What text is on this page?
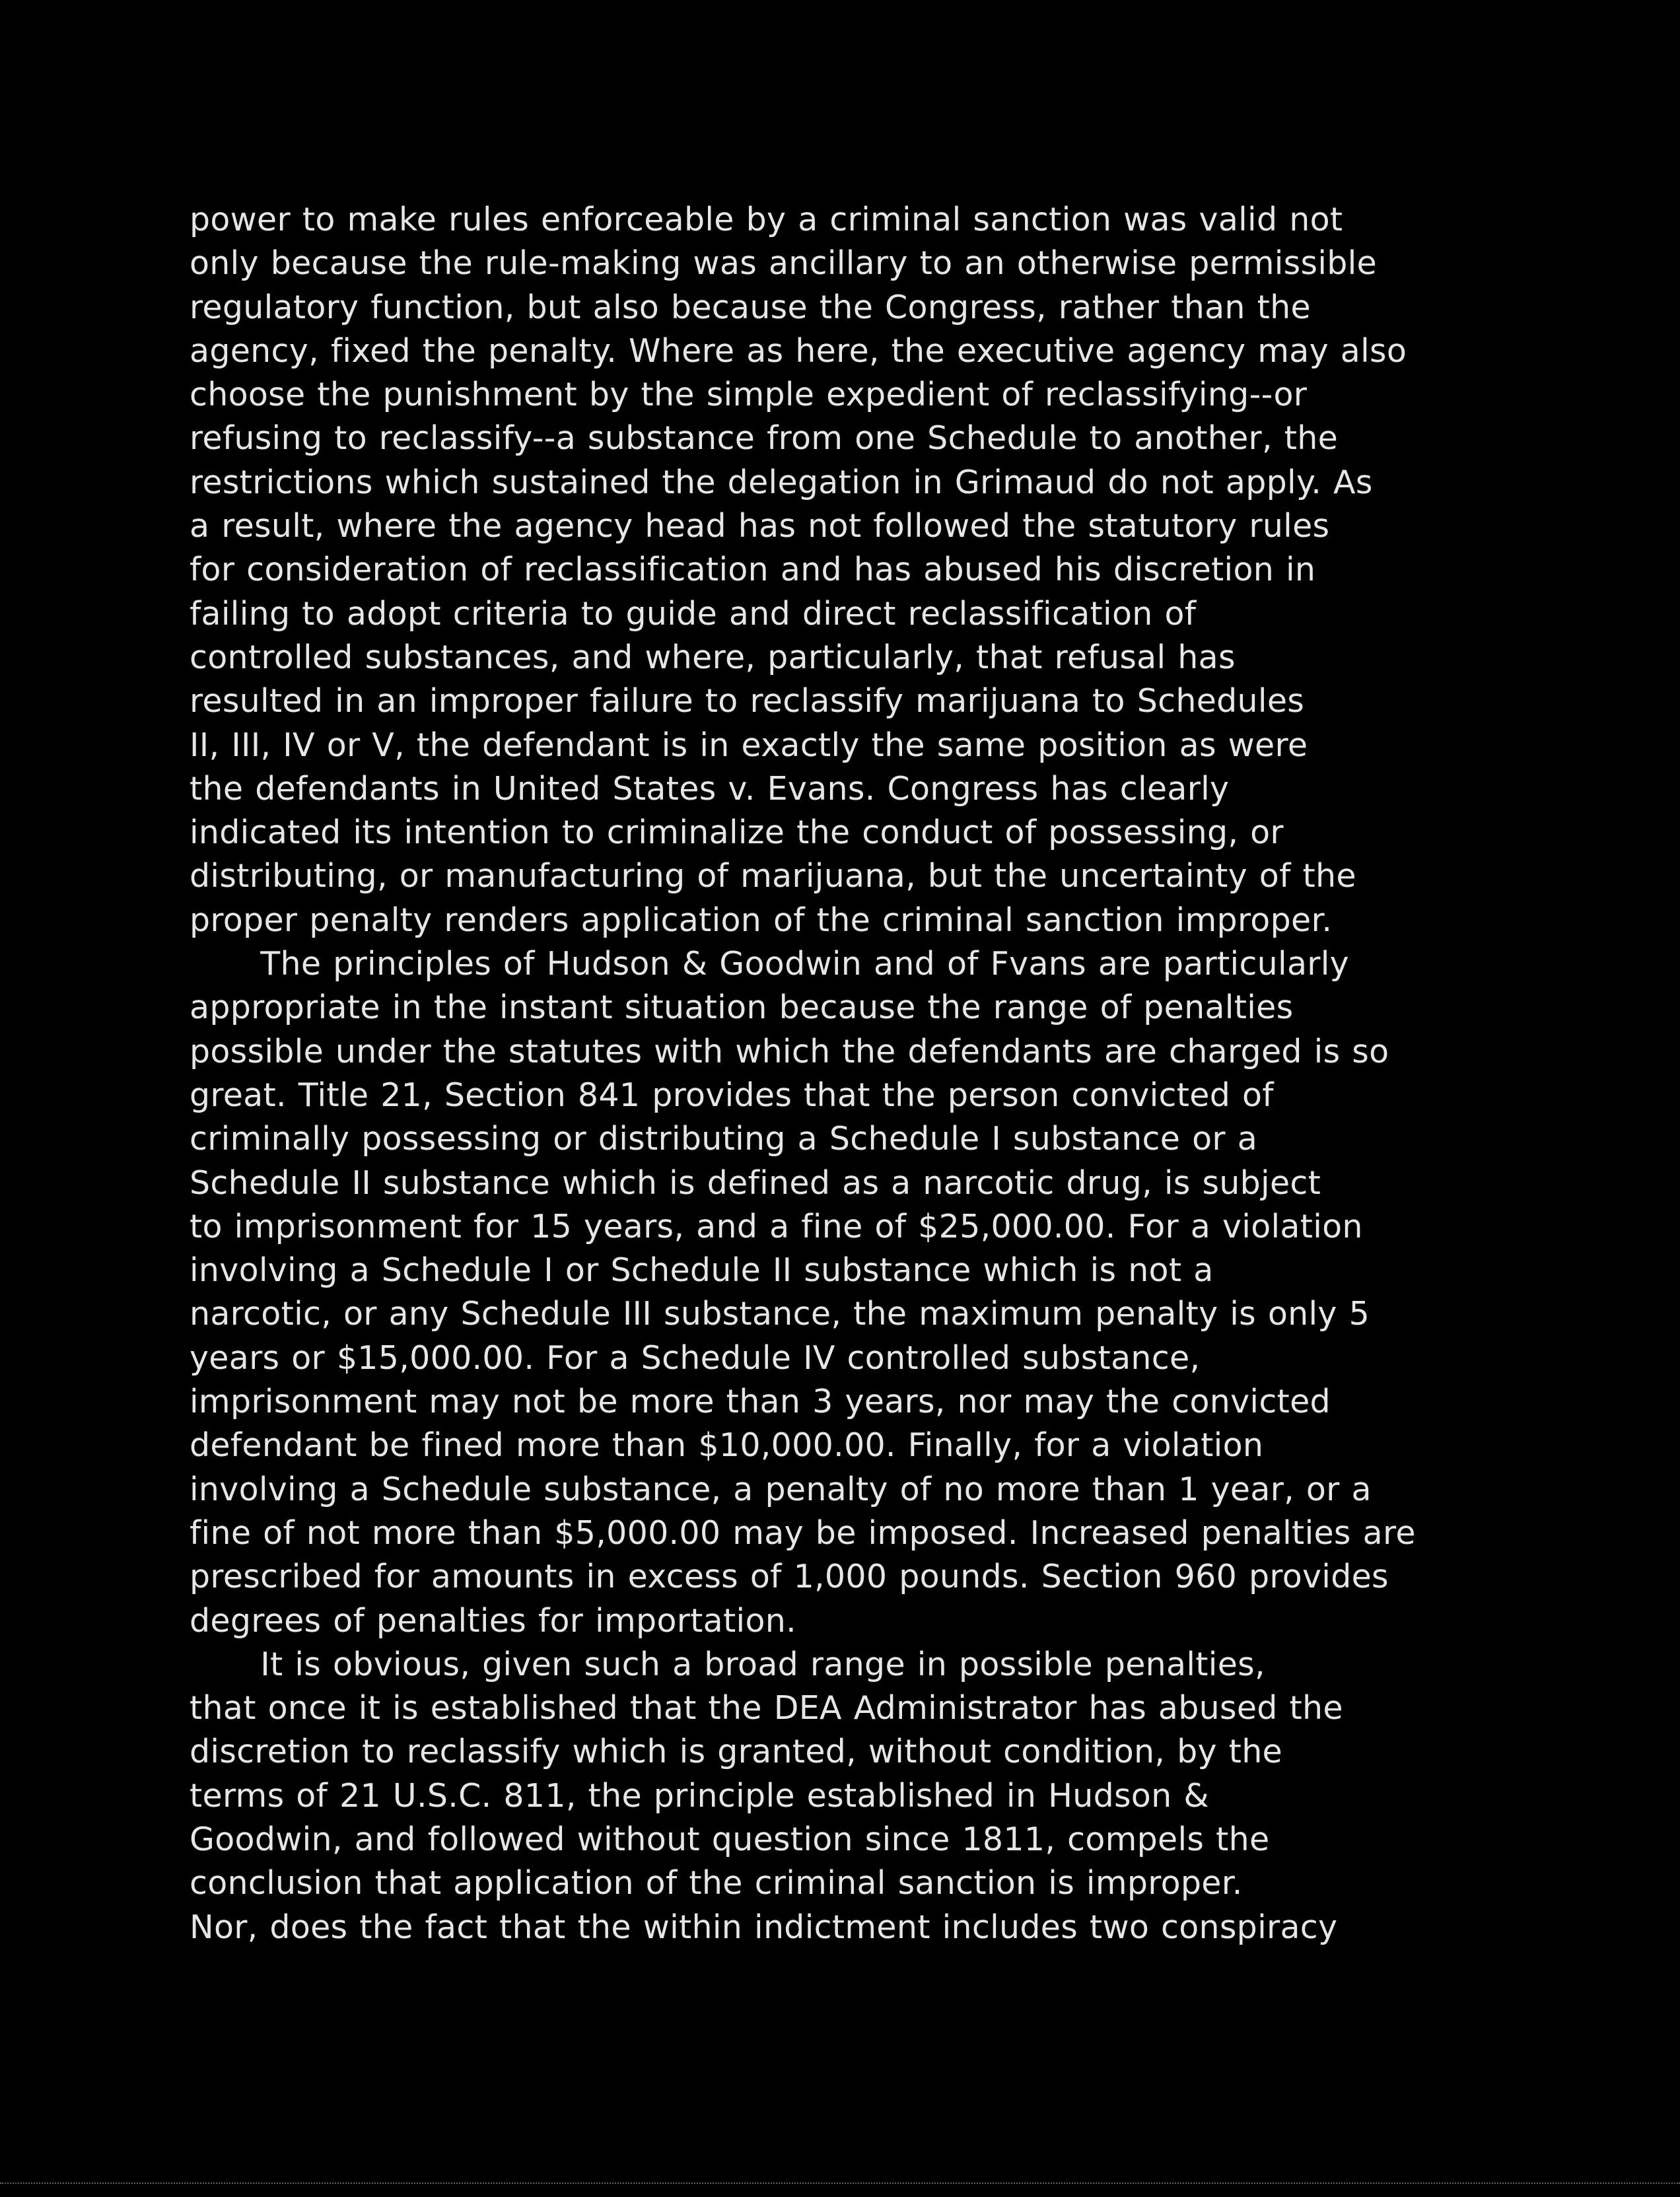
power to make rules enforceable by a criminal sanction was valid not
only because the rule-making was ancillary to an otherwise permissible
regulatory function, but also because the Congress, rather than the
agency, fixed the penalty. Where as here, the executive agency may also
choose the punishment by the simple expedient of reclassifying--or
refusing to reclassify--a substance from one Schedule to another, the
restrictions which sustained the delegation in Grimaud do not apply. As
a result, where the agency head has not followed the statutory rules
for consideration of reclassification and has abused his discretion in
failing to adopt criteria to guide and direct reclassification of
controlled substances, and where, particularly, that refusal has
resulted in an improper failure to reclassify marijuana to Schedules
II, III, IV or V, the defendant is in exactly the same position as were
the defendants in United States v. Evans. Congress has clearly
indicated its intention to criminalize the conduct of possessing, or
distributing, or manufacturing of marijuana, but the uncertainty of the
proper penalty renders application of the criminal sanction improper.
The principles of Hudson & Goodwin and of Fvans are particularly
appropriate in the instant situation because the range of penalties
possible under the statutes with which the defendants are charged is so
great. Title 21, Section 841 provides that the person convicted of
criminally possessing or distributing a Schedule I substance or a
Schedule II substance which is defined as a narcotic drug, is subject
to imprisonment for 15 years, and a fine of $25,000.00. For a violation
involving a Schedule I or Schedule II substance which is not a
narcotic, or any Schedule III substance, the maximum penalty is only 5
years or $15,000.00. For a Schedule IV controlled substance,
imprisonment may not be more than 3 years, nor may the convicted
defendant be fined more than $10,000.00. Finally, for a violation
involving a Schedule substance, a penalty of no more than 1 year, or a
fine of not more than $5,000.00 may be imposed. Increased penalties are
prescribed for amounts in excess of 1,000 pounds. Section 960 provides
degrees of penalties for importation.
It is obvious, given such a broad range in possible penalties,
that once it is established that the DEA Administrator has abused the
discretion to reclassify which is granted, without condition, by the
terms of 21 U.S.C. 811, the principle established in Hudson &
Goodwin, and followed without question since 1811, compels the
conclusion that application of the criminal sanction is improper.
Nor, does the fact that the within indictment includes two conspiracy
